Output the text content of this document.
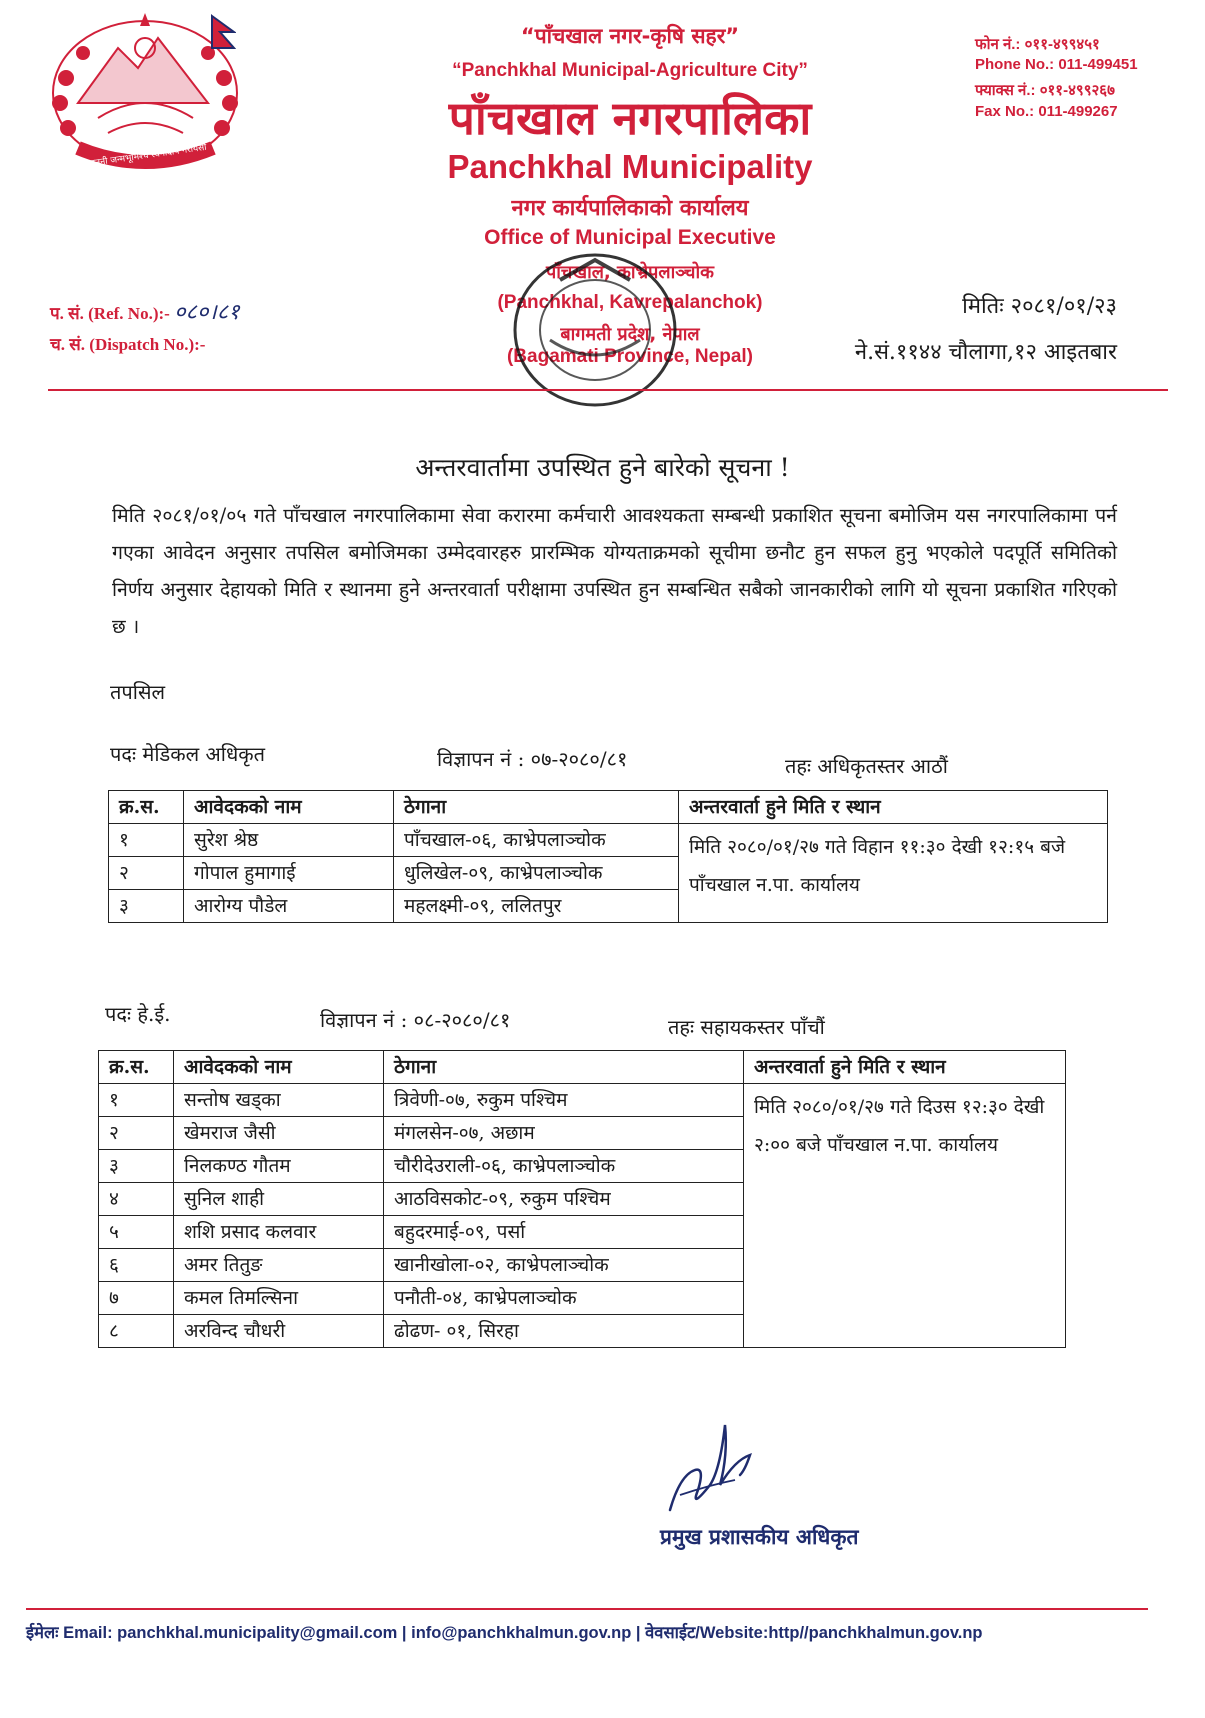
जननी जन्मभूमिश्च स्वर्गादपि गरीयसी
“पाँचखाल नगर-कृषि सहर”
“Panchkhal Municipal-Agriculture City”
पाँचखाल नगरपालिका
Panchkhal Municipality
नगर कार्यपालिकाको कार्यालय
Office of Municipal Executive
पाँचखाल, काभ्रेपलाञ्चोक
(Panchkhal, Kavrepalanchok)
बागमती प्रदेश, नेपाल
(Bagamati Province, Nepal)
फोन नं.: ०११-४९९४५१
Phone No.: 011-499451
फ्याक्स नं.: ०११-४९९२६७
Fax No.: 011-499267
प. सं. (Ref. No.):- ०८०।८१
च. सं. (Dispatch No.):-
मितिः २०८१/०१/२३
ने.सं.११४४ चौलागा,१२ आइतबार
अन्तरवार्तामा उपस्थित हुने बारेको सूचना !
मिति २०८१/०१/०५ गते पाँचखाल नगरपालिकामा सेवा करारमा कर्मचारी आवश्यकता सम्बन्धी प्रकाशित सूचना बमोजिम यस नगरपालिकामा पर्न गएका आवेदन अनुसार तपसिल बमोजिमका उम्मेदवारहरु प्रारम्भिक योग्यताक्रमको सूचीमा छनौट हुन सफल हुनु भएकोले पदपूर्ति समितिको निर्णय अनुसार देहायको मिति र स्थानमा हुने अन्तरवार्ता परीक्षामा उपस्थित हुन सम्बन्धित सबैको जानकारीको लागि यो सूचना प्रकाशित गरिएको छ ।
तपसिल
पदः मेडिकल अधिकृत	विज्ञापन नं : ०७-२०८०/८१	तहः अधिकृतस्तर आठौं
क्र.स.	आवेदकको नाम	ठेगाना	अन्तरवार्ता हुने मिति र स्थान
१	सुरेश श्रेष्ठ	पाँचखाल-०६, काभ्रेपलाञ्चोक	मिति २०८०/०१/२७ गते विहान ११:३० देखी १२:१५ बजे पाँचखाल न.पा. कार्यालय
२	गोपाल हुमागाई	धुलिखेल-०९, काभ्रेपलाञ्चोक	
३	आरोग्य पौडेल	महलक्ष्मी-०९, ललितपुर	
पदः हे.ई.	विज्ञापन नं : ०८-२०८०/८१	तहः सहायकस्तर पाँचौं
क्र.स.	आवेदकको नाम	ठेगाना	अन्तरवार्ता हुने मिति र स्थान
१	सन्तोष खड्का	त्रिवेणी-०७, रुकुम पश्चिम	मिति २०८०/०१/२७ गते दिउस १२:३० देखी २:०० बजे पाँचखाल न.पा. कार्यालय
२	खेमराज जैसी	मंगलसेन-०७, अछाम	
३	निलकण्ठ गौतम	चौरीदेउराली-०६, काभ्रेपलाञ्चोक	
४	सुनिल शाही	आठविसकोट-०९, रुकुम पश्चिम	
५	शशि प्रसाद कलवार	बहुदरमाई-०९, पर्सा	
६	अमर तितुङ	खानीखोला-०२, काभ्रेपलाञ्चोक	
७	कमल तिमल्सिना	पनौती-०४, काभ्रेपलाञ्चोक	
८	अरविन्द चौधरी	ढोढण- ०१, सिरहा	
प्रमुख प्रशासकीय अधिकृत
ईमेलः Email: panchkhal.municipality@gmail.com | info@panchkhalmun.gov.np | वेवसाईट/Website:http//panchkhalmun.gov.np
